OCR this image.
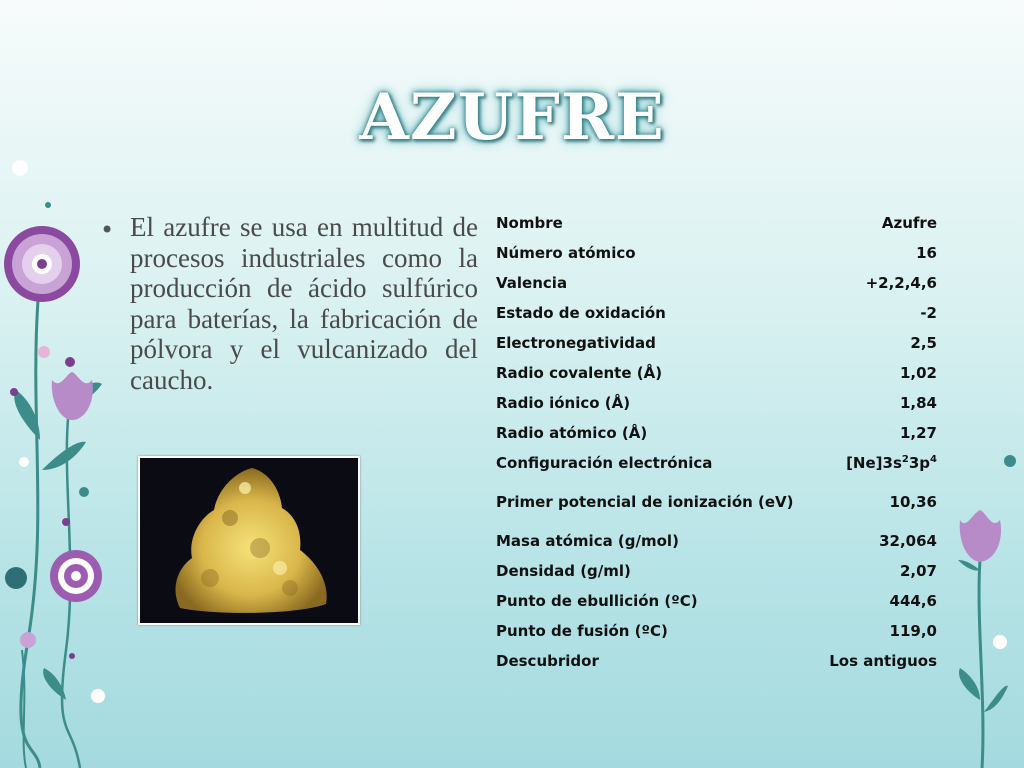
AZUFRE
• El azufre se usa en multitud de procesos industriales como la producción de ácido sulfúrico para baterías, la fabricación de pólvora y el vulcanizado del caucho.
Nombre	Azufre
Número atómico	16
Valencia	+2,2,4,6
Estado de oxidación	-2
Electronegatividad	2,5
Radio covalente (Å)	1,02
Radio iónico (Å)	1,84
Radio atómico (Å)	1,27
Configuración electrónica	$[Ne]3s^23p^4$
Primer potencial de ionización (eV)	10,36
Masa atómica (g/mol)	32,064
Densidad (g/ml)	2,07
Punto de ebullición (ºC)	444,6
Punto de fusión (ºC)	119,0
Descubridor	Los antiguos
